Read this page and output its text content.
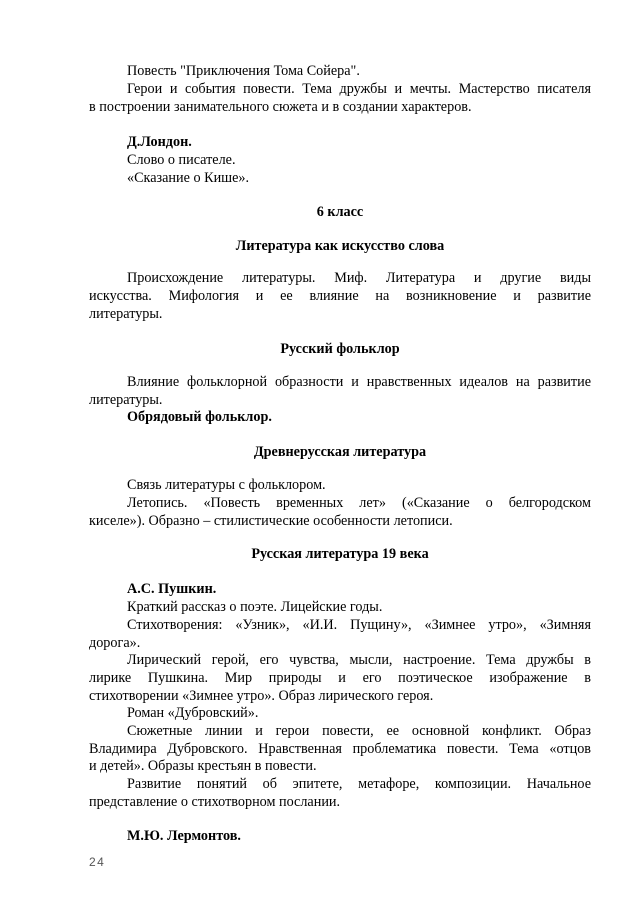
Повесть "Приключения Тома Сойера".

Герои и события повести. Тема дружбы и мечты. Мастерство писателя

в построении занимательного сюжета и в создании характеров.

Д.Лондон.

Слово о писателе.

«Сказание о Кише».

6 класс

Литература как искусство слова

Происхождение литературы. Миф. Литература и другие виды

искусства. Мифология и ее влияние на возникновение и развитие

литературы.

Русский фольклор

Влияние фольклорной образности и нравственных идеалов на развитие

литературы.

Обрядовый фольклор.

Древнерусская литература

Связь литературы с фольклором.

Летопись. «Повесть временных лет» («Сказание о белгородском

киселе»). Образно – стилистические особенности летописи.

Русская литература 19 века

А.С. Пушкин.

Краткий рассказ о поэте. Лицейские годы.

Стихотворения: «Узник», «И.И. Пущину», «Зимнее утро», «Зимняя

дорога».

Лирический герой, его чувства, мысли, настроение. Тема дружбы в

лирике Пушкина. Мир природы и его поэтическое изображение в

стихотворении «Зимнее утро». Образ лирического героя.

Роман «Дубровский».

Сюжетные линии и герои повести, ее основной конфликт. Образ

Владимира Дубровского. Нравственная проблематика повести. Тема «отцов

и детей». Образы крестьян в повести.

Развитие понятий об эпитете, метафоре, композиции. Начальное

представление о стихотворном послании.

М.Ю. Лермонтов.

24
